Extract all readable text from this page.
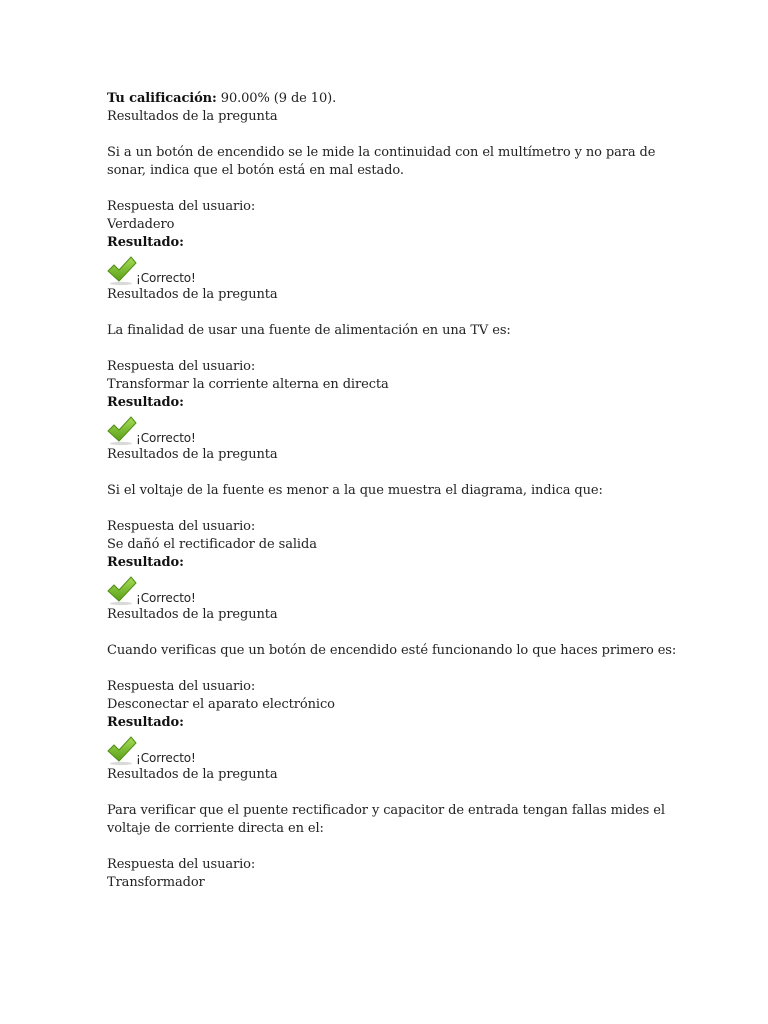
Tu calificación: 90.00% (9 de 10).
Resultados de la pregunta
Si a un botón de encendido se le mide la continuidad con el multímetro y no para de sonar, indica que el botón está en mal estado.
Respuesta del usuario:
Verdadero
Resultado:
¡Correcto!
Resultados de la pregunta
La finalidad de usar una fuente de alimentación en una TV es:
Respuesta del usuario:
Transformar la corriente alterna en directa
Resultado:
¡Correcto!
Resultados de la pregunta
Si el voltaje de la fuente es menor a la que muestra el diagrama, indica que:
Respuesta del usuario:
Se dañó el rectificador de salida
Resultado:
¡Correcto!
Resultados de la pregunta
Cuando verificas que un botón de encendido esté funcionando lo que haces primero es:
Respuesta del usuario:
Desconectar el aparato electrónico
Resultado:
¡Correcto!
Resultados de la pregunta
Para verificar que el puente rectificador y capacitor de entrada tengan fallas mides el voltaje de corriente directa en el:
Respuesta del usuario:
Transformador
